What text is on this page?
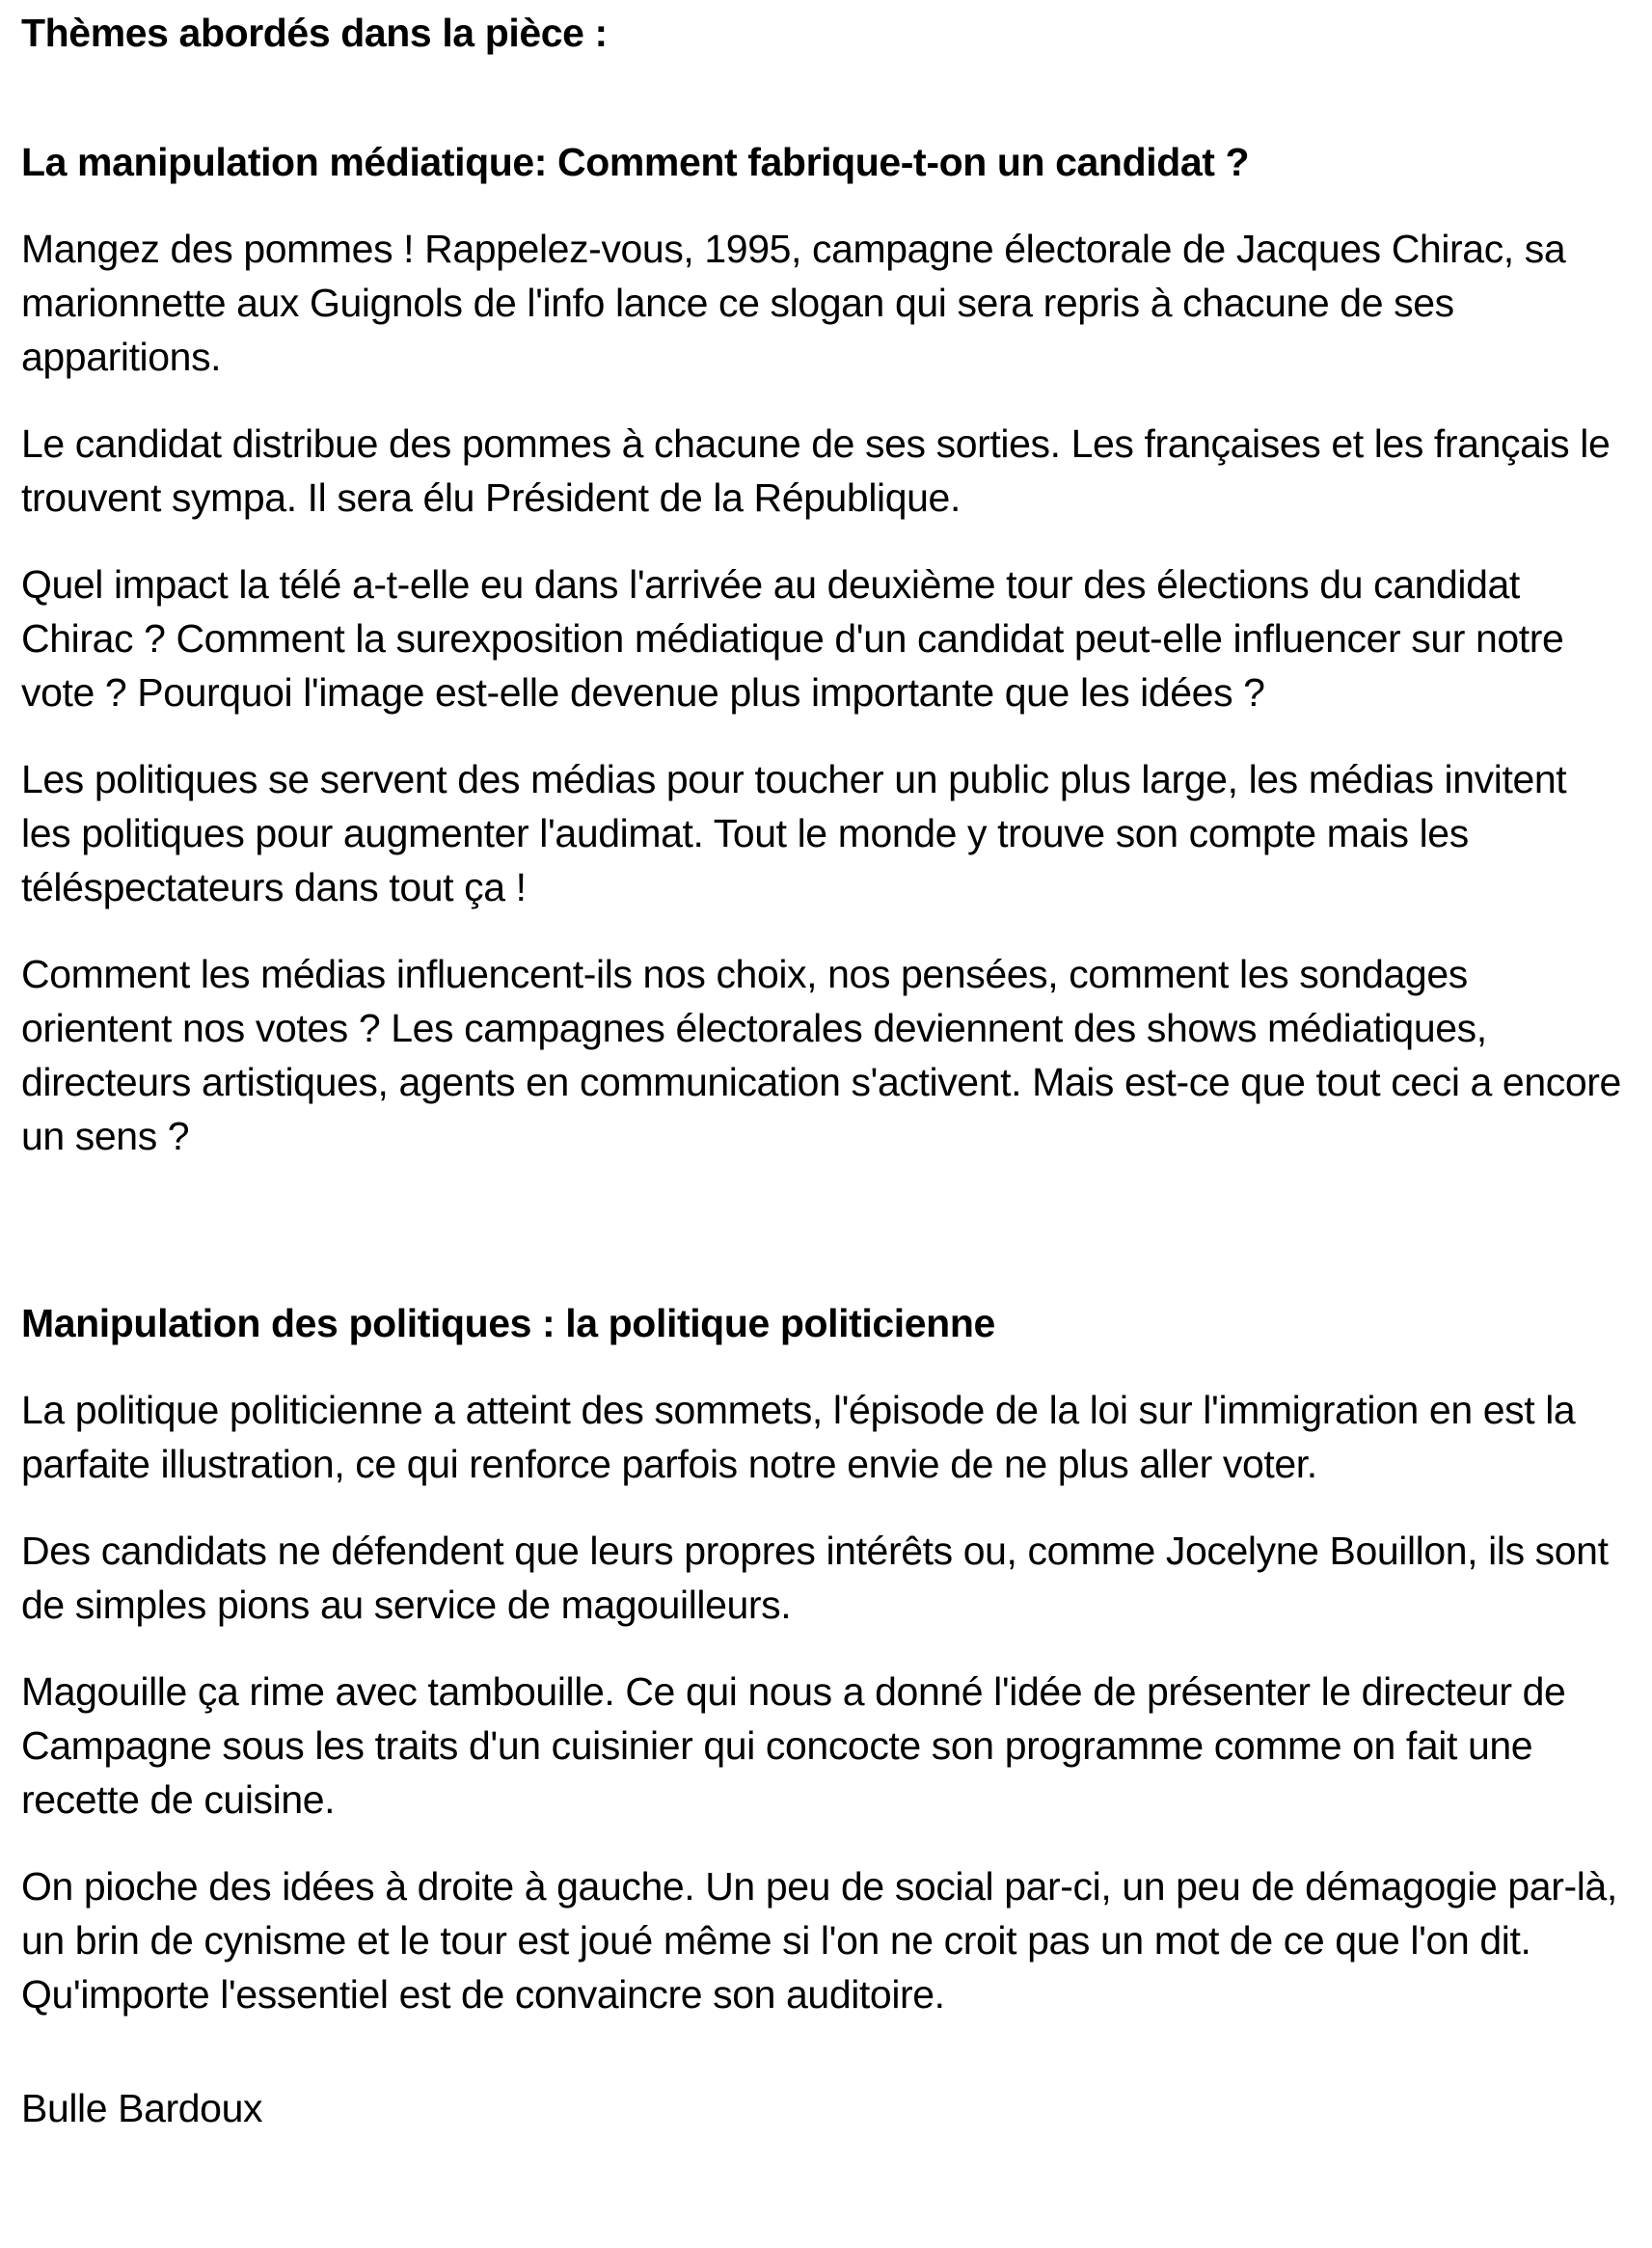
Thèmes abordés dans la pièce :
La manipulation médiatique: Comment fabrique-t-on un candidat ?

Mangez des pommes ! Rappelez-vous, 1995, campagne électorale de Jacques Chirac, sa marionnette aux Guignols de l'info lance ce slogan qui sera repris à chacune de ses apparitions.

Le candidat distribue des pommes à chacune de ses sorties. Les françaises et les français le trouvent sympa. Il sera élu Président de la République.

Quel impact la télé a-t-elle eu dans l'arrivée au deuxième tour des élections du candidat Chirac ? Comment la surexposition médiatique d'un candidat peut-elle influencer sur notre vote ? Pourquoi l'image est-elle devenue plus importante que les idées ?

Les politiques se servent des médias pour toucher un public plus large, les médias invitent les politiques pour augmenter l'audimat. Tout le monde y trouve son compte mais les téléspectateurs dans tout ça !

Comment les médias influencent-ils nos choix, nos pensées, comment les sondages orientent nos votes ? Les campagnes électorales deviennent des shows médiatiques, directeurs artistiques, agents en communication s'activent. Mais est-ce que tout ceci a encore un sens ?

Manipulation des politiques : la politique politicienne

La politique politicienne a atteint des sommets, l'épisode de la loi sur l'immigration en est la parfaite illustration, ce qui renforce parfois notre envie de ne plus aller voter.

Des candidats ne défendent que leurs propres intérêts ou, comme Jocelyne Bouillon, ils sont de simples pions au service de magouilleurs.

Magouille ça rime avec tambouille. Ce qui nous a donné l'idée de présenter le directeur de Campagne sous les traits d'un cuisinier qui concocte son programme comme on fait une recette de cuisine.

On pioche des idées à droite à gauche. Un peu de social par-ci, un peu de démagogie par-là, un brin de cynisme et le tour est joué même si l'on ne croit pas un mot de ce que l'on dit. Qu'importe l'essentiel est de convaincre son auditoire.

Bulle Bardoux
